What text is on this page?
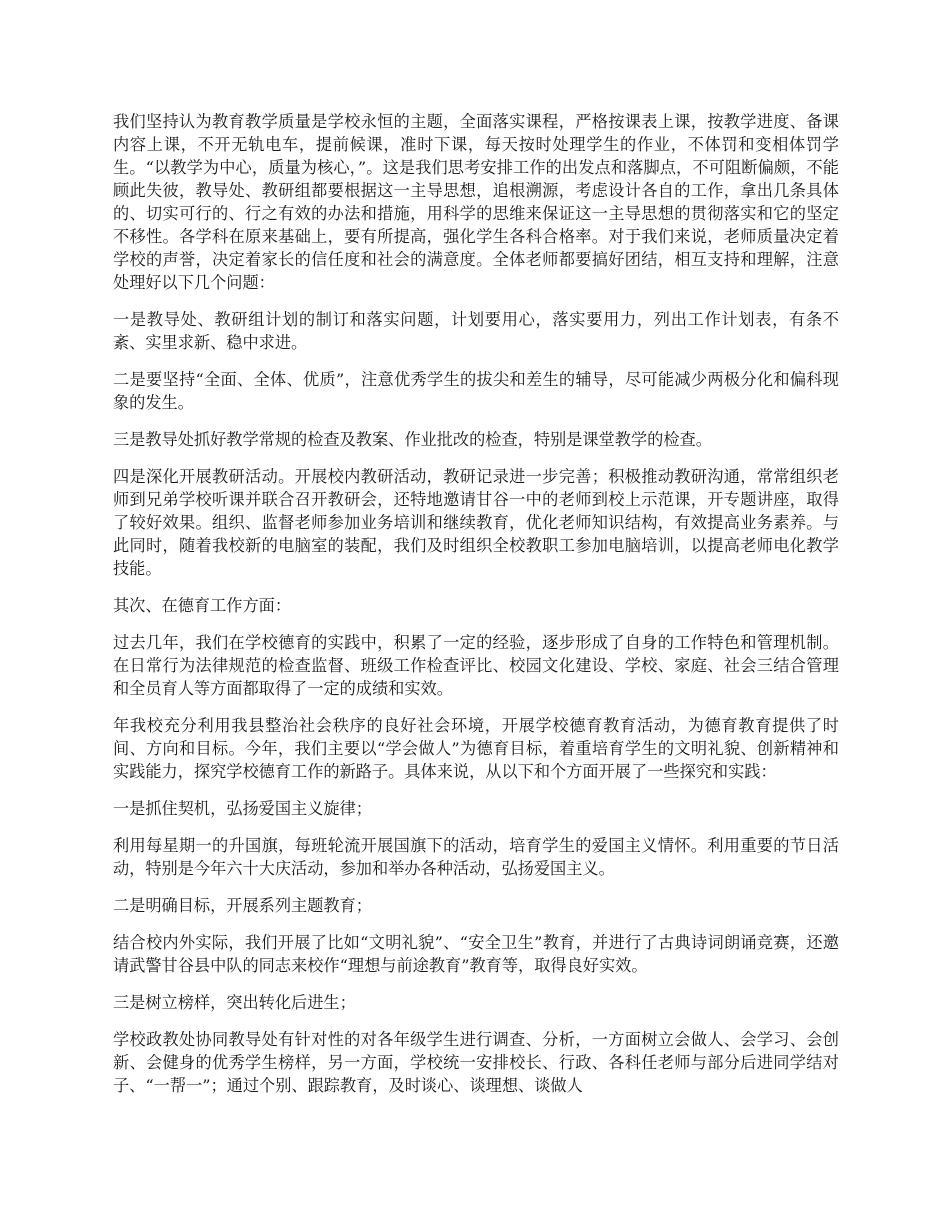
我们坚持认为教育教学质量是学校永恒的主题，全面落实课程，严格按课表上课，按教学进度、备课内容上课，不开无轨电车，提前候课，准时下课，每天按时处理学生的作业，不体罚和变相体罚学生。“以教学为中心，质量为核心，”。这是我们思考安排工作的出发点和落脚点，不可阻断偏颇，不能顾此失彼，教导处、教研组都要根据这一主导思想，追根溯源，考虑设计各自的工作，拿出几条具体的、切实可行的、行之有效的办法和措施，用科学的思维来保证这一主导思想的贯彻落实和它的坚定不移性。各学科在原来基础上，要有所提高，强化学生各科合格率。对于我们来说，老师质量决定着学校的声誉，决定着家长的信任度和社会的满意度。全体老师都要搞好团结，相互支持和理解，注意处理好以下几个问题：

一是教导处、教研组计划的制订和落实问题，计划要用心，落实要用力，列出工作计划表，有条不紊、实里求新、稳中求进。

二是要坚持“全面、全体、优质”，注意优秀学生的拔尖和差生的辅导，尽可能减少两极分化和偏科现象的发生。

三是教导处抓好教学常规的检查及教案、作业批改的检查，特别是课堂教学的检查。

四是深化开展教研活动。开展校内教研活动，教研记录进一步完善；积极推动教研沟通，常常组织老师到兄弟学校听课并联合召开教研会，还特地邀请甘谷一中的老师到校上示范课，开专题讲座，取得了较好效果。组织、监督老师参加业务培训和继续教育，优化老师知识结构，有效提高业务素养。与此同时，随着我校新的电脑室的装配，我们及时组织全校教职工参加电脑培训，以提高老师电化教学技能。

其次、在德育工作方面：

过去几年，我们在学校德育的实践中，积累了一定的经验，逐步形成了自身的工作特色和管理机制。在日常行为法律规范的检查监督、班级工作检查评比、校园文化建设、学校、家庭、社会三结合管理和全员育人等方面都取得了一定的成绩和实效。

年我校充分利用我县整治社会秩序的良好社会环境，开展学校德育教育活动，为德育教育提供了时间、方向和目标。今年，我们主要以“学会做人”为德育目标，着重培育学生的文明礼貌、创新精神和实践能力，探究学校德育工作的新路子。具体来说，从以下和个方面开展了一些探究和实践：

一是抓住契机，弘扬爱国主义旋律；

利用每星期一的升国旗，每班轮流开展国旗下的活动，培育学生的爱国主义情怀。利用重要的节日活动，特别是今年六十大庆活动，参加和举办各种活动，弘扬爱国主义。

二是明确目标，开展系列主题教育；

结合校内外实际，我们开展了比如“文明礼貌”、“安全卫生”教育，并进行了古典诗词朗诵竞赛，还邀请武警甘谷县中队的同志来校作“理想与前途教育”教育等，取得良好实效。

三是树立榜样，突出转化后进生；

学校政教处协同教导处有针对性的对各年级学生进行调查、分析，一方面树立会做人、会学习、会创新、会健身的优秀学生榜样，另一方面，学校统一安排校长、行政、各科任老师与部分后进同学结对子、“一帮一”；通过个别、跟踪教育，及时谈心、谈理想、谈做人
